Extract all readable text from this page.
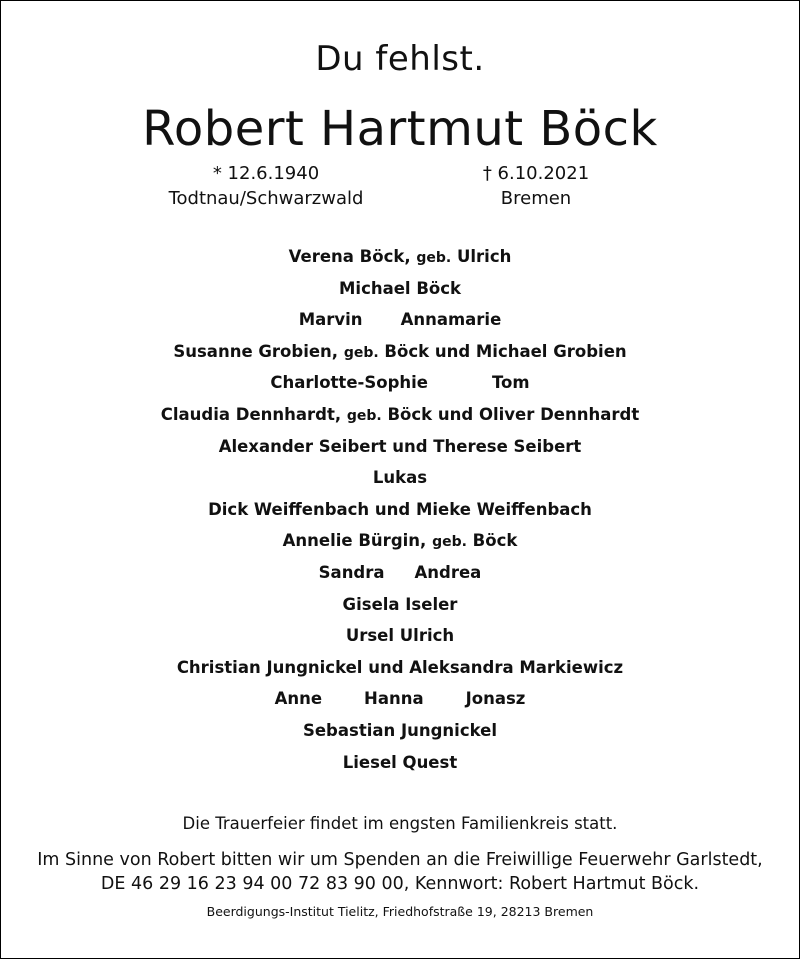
Du fehlst.
Robert Hartmut Böck
* 12.6.1940
Todtnau/Schwarzwald
† 6.10.2021
Bremen
Verena Böck, geb. Ulrich
Michael Böck
Marvin Annamarie
Susanne Grobien, geb. Böck und Michael Grobien
Charlotte-Sophie	Tom
Claudia Dennhardt, geb. Böck und Oliver Dennhardt
Alexander Seibert und Therese Seibert
Lukas
Dick Weiffenbach und Mieke Weiffenbach
Annelie Bürgin, geb. Böck
Sandra Andrea
Gisela Iseler
Ursel Ulrich
Christian Jungnickel und Aleksandra Markiewicz
Anne	Hanna	Jonasz
Sebastian Jungnickel
Liesel Quest
Die Trauerfeier findet im engsten Familienkreis statt.
Im Sinne von Robert bitten wir um Spenden an die Freiwillige Feuerwehr Garlstedt,
DE 46 29 16 23 94 00 72 83 90 00, Kennwort: Robert Hartmut Böck.
Beerdigungs-Institut Tielitz, Friedhofstraße 19, 28213 Bremen
